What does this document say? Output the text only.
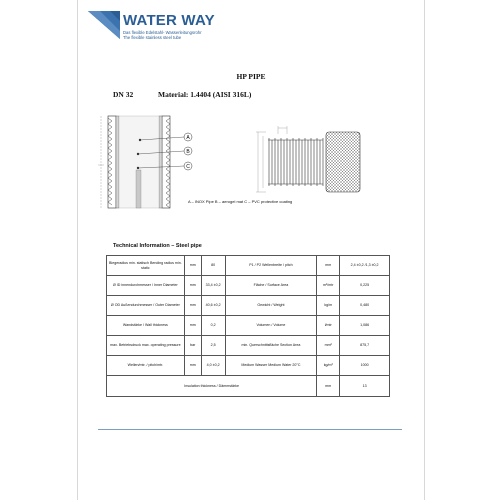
WATER WAY
Das flexible Edelstahl- Wasserleitungsrohr
The flexible stainless steel tube
HP PIPE
DN 32	Material: 1.4404 (AISI 316L)
A
B
C
A – INOX Pipe B – aerogel mat C – PVC protective coating
Technical Information – Steel pipe
Biegeradius min. statisch Bending radius min. static	mm	80	P1 / P2 Wellenbreite / pitch	mm	2,4 ±0,2 /1,3 ±0,2
Ø ID innendurchmesser / Inner Diameter	mm	33,4 ±0,2	Fläche / Surface Area	m²/mtr	0,225
Ø OD Außendurchmesser / Outer Diameter	mm	40,6 ±0,2	Gewicht / Weight	kg/m	0,480
Wandstärke / Wall thickness	mm	0,2	Volumen / Volume	l/mtr	1,086
max. Betriebsdruck max. operating pressure	bar	2,5	min. Querschnittsfläche Section Area	mm²	875,7
Wellen/mtr. / pitch/mtr.	mm	4,0 ±0,2	Medium Wasser Medium Water 20°C	kg/m³	1000
Insulation thickness / Dämmstärke				mm	13
